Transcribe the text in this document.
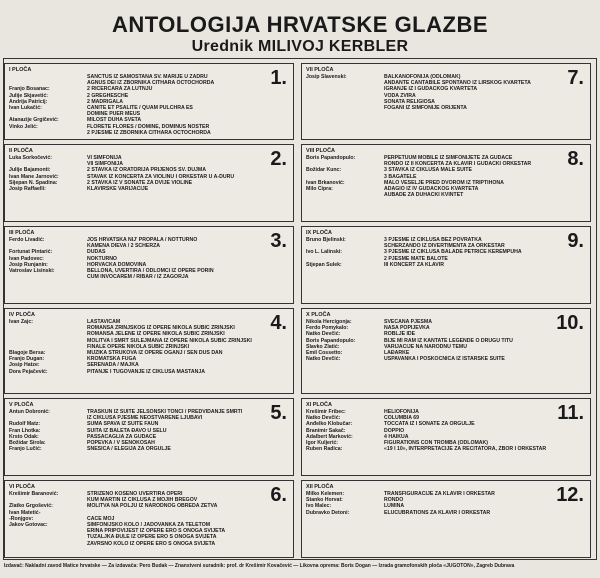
ANTOLOGIJA HRVATSKE GLAZBE
Urednik MILIVOJ KERBLER
I PLOČA	1.
SANCTUS IZ SAMOSTANA SV. MARIJE U ZADRU
AGNUS DEI IZ ZBORNIKA CITHARA OCTOCHORDA
Franjo Bosanac:	2 RICERCARA ZA LUTNJU
Julije Skjavetić:	2 GREGHESCHE
Andrija Patricij:	2 MADRIGALA
Ivan Lukačić:	CANITE ET PSALITE / QUAM PULCHRA ES
DOMINE PUER MEUS
Atanazije Grgičević:	MILOST DUHA SVETA
Vinko Jelić:	FLORETE FLORES / DOMINE, DOMINUS NOSTER
2 PJESME IZ ZBORNIKA CITHARA OCTOCHORDA
II PLOČA	2.
Luka Sorkočević:	VI SIMFONIJA
VII SIMFONIJA
Julije Bajamonti:	2 STAVKA IZ ORATORIJA PRIJENOS SV. DUJMA
Ivan Mane Jarnović:	STAVAK IZ KONCERTA ZA VIOLINU I ORKESTAR U A-DURU
Sijepan N. Spadina:	2 STAVKA IZ V SONATE ZA DVIJE VIOLINE
Josip Raffaelli:	KLAVIRSKE VARIJACIJE
III PLOČA	3.
Ferdo Livadić:	JOŠ HRVATSKA NIJ' PROPALA / NOTTURNO
KAMENA DIEVA / 2 SCHERZA
Fortunat Pintarić:	DUDAŠ
Ivan Padovec:	NOKTURNO
Josip Runjanin:	HORVACKA DOMOVINA
Vatroslav Lisinski:	BELLONA, UVERTIRA / ODLOMCI IZ OPERE PORIN
CUM INVOCAREM / RIBAR / IZ ZAGORJA
IV PLOČA	4.
Ivan Zajc:	LASTAVICAM
ROMANSA ZRINJSKOG IZ OPERE NIKOLA ŠUBIĆ ZRINJSKI
ROMANSA JELENE IZ OPERE NIKOLA ŠUBIĆ ZRINJSKI
MOLITVA I SMRT SULEJMANA IZ OPERE NIKOLA ŠUBIĆ ZRINJSKI
FINALE OPERE NIKOLA ŠUBIĆ ZRINJSKI
Blagoje Bersa:	MUZIKA STRUKOVA IZ OPERE OGANJ / SEN DUŠ DAN
Franjo Dugan:	KROMATSKA FUGA
Josip Hatze:	SERENADA / MAJKA
Dora Pejačević:	PITANJE I TUGOVANJE IZ CIKLUSA MAŠTANJA
V PLOČA	5.
Antun Dobronić:	TRASKUN IZ SUITE JELSONSKI TONCI / PREDVIDANJE SMRTI
IZ CIKLUSA PJESME NEOSTVARENE LJUBAVI
Rudolf Matz:	SUMA SPAVA IZ SUITE FAUN
Fran Lhotka:	SUITA IZ BALETA ĐAVO U SELU
Krsto Odak:	PASSACAGLIA ZA GUDAČE
Božidar Širola:	POPEVKA / V SENOKOSAH
Franjo Lučić:	SNEŠICA / ELEGIJA ZA ORGULJE
VI PLOČA	6.
Krešimir Baranović:	STRIŽENO KOŠENO UVERTIRA OPERI
KUM MARTIN IZ CIKLUSA Z MOJIH BREGOV
Zlatko Grgošević:	MOLITVA NA POLJU IZ NARODNOG OBREDA ŽETVA
Ivan Matetić-
-Ronjgov:	ČAČE MOJ
Jakov Gotovac:	SIMFONIJSKO KOLO / JADOVANKA ZA TELETOM
ERINA PRIPOVIJEST IZ OPERE ERO S ONOGA SVIJETA
TUŽALJKA ĐULE IZ OPERE ERO S ONOGA SVIJETA
ZAVRŠNO KOLO IZ OPERE ERO S ONOGA SVIJETA
VII PLOČA	7.
Josip Slavenski:	BALKANOFONIJA (ODLOMAK)
ANDANTE CANTABILE SPONTANO IZ LIRSKOG KVARTETA
IGRANJE IZ I GUDAČKOG KVARTETA
VODA ZVIRA
SONATA RELIGIOSA
FOGANI IZ SIMFONIJE ORIJENTA
VIII PLOČA	8.
Boris Papandopulo:	PERPETUUM MOBILE IZ SIMFONIJETE ZA GUDAČE
RONDO IZ II KONCERTA ZA KLAVIR I GUDAČKI ORKESTAR
Božidar Kunc:	3 STAVKA IZ CIKLUSA MALE SUITE
3 BAGATELE
Ivan Brkanović:	MALO VESELJE PRED DVOROM IZ TRIPTIHONA
Milo Cipra:	ADAGIO IZ IV GUDAČKOG KVARTETA
AUBADE ZA DUHAČKI KVINTET
IX PLOČA	9.
Bruno Bjelinski:	3 PJESME IZ CIKLUSA BEZ POVRATKA
SCHERZANDO IZ DIVERTIMENTA ZA ORKESTAR
Ivo L. Lalinski:	3 PJESME IZ CIKLUSA BALADE PETRICE KEREMPUHA
2 PJESME MATE BALOTE
Stjepan Šulek:	III KONCERT ZA KLAVIR
X PLOČA	10.
Nikola Hercigonja:	SVEČANA PJESMA
Ferdo Pomykalo:	NAŠA POPIJEVKA
Natko Devčić:	ROBLJE IDE
Boris Papandopulo:	BIJE MI RAM IZ KANTATE LEGENDE O DRUGU TITU
Slavko Zlatić:	VARIJACIJE NA NARODNU TEMU
Emil Cossetto:	LAĐARKE
Natko Devčić:	USPAVANKA I POSKOČNICA IZ ISTARSKE SUITE
XI PLOČA	11.
Krešimir Fribec:	HELIOFONIJA
Natko Devčić:	COLUMBIA 69
Anđelko Klobučar:	TOCCATA IZ I SONATE ZA ORGULJE
Branimir Sakač:	DOPPIO
Adalbert Marković:	4 HAIKUA
Igor Kuljerić:	FIGURATIONS CON TROMBA (ODLOMAK)
Ruben Radica:	«19 I 10», INTERPRETACIJE ZA RECITATORA, ZBOR I ORKESTAR
XII PLOČA	12.
Milko Kelemen:	TRANSFIGURACIJE ZA KLAVIR I ORKESTAR
Stanko Horvat:	RONDO
Ivo Malec:	LUMINA
Dubravko Detoni:	ELUCUBRATIONS ZA KLAVIR I ORKESTAR
Izdavač: Nakladni zavod Matice hrvatske — Za izdavača: Pero Budak — Znanstveni suradnik: prof. dr Krešimir Kovačević — Likovna oprema: Boris Dogan — Izrada gramofonskih ploča «JUGOTON», Zagreb Dubrava
